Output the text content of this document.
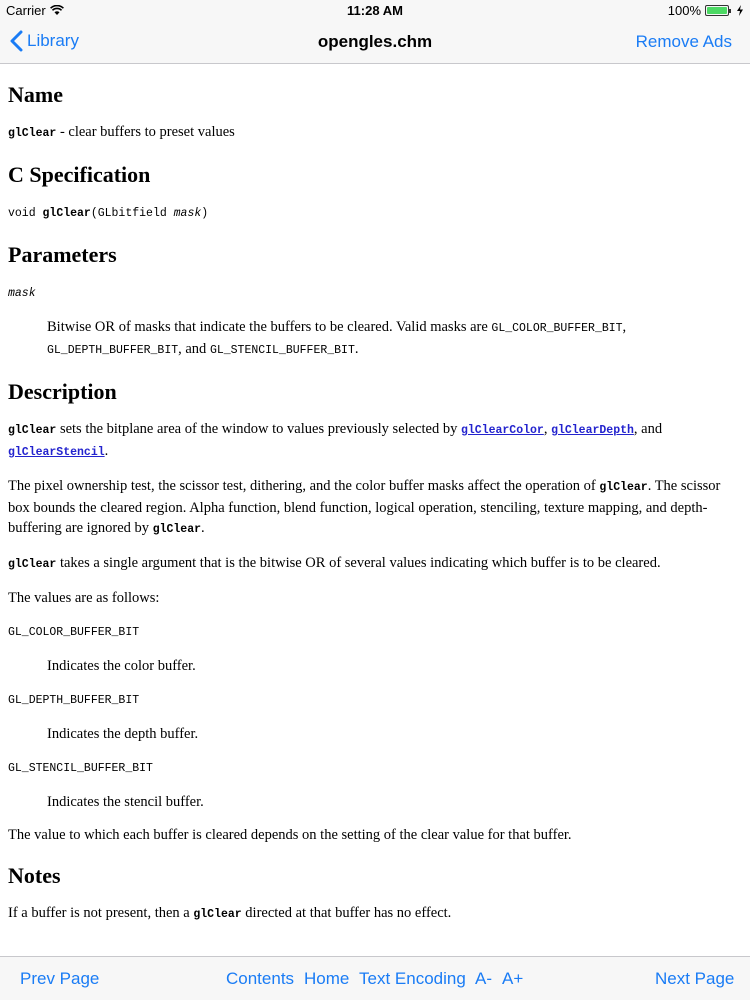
Carrier	11:28 AM	100%
Library	opengles.chm	Remove Ads
Name

glClear - clear buffers to preset values

C Specification

void glClear(GLbitfield mask)

Parameters

mask

Bitwise OR of masks that indicate the buffers to be cleared. Valid masks are GL_COLOR_BUFFER_BIT, GL_DEPTH_BUFFER_BIT, and GL_STENCIL_BUFFER_BIT.

Description

glClear sets the bitplane area of the window to values previously selected by glClearColor, glClearDepth, and glClearStencil.

The pixel ownership test, the scissor test, dithering, and the color buffer masks affect the operation of glClear. The scissor box bounds the cleared region. Alpha function, blend function, logical operation, stenciling, texture mapping, and depth-buffering are ignored by glClear.

glClear takes a single argument that is the bitwise OR of several values indicating which buffer is to be cleared.

The values are as follows:

GL_COLOR_BUFFER_BIT

Indicates the color buffer.

GL_DEPTH_BUFFER_BIT

Indicates the depth buffer.

GL_STENCIL_BUFFER_BIT

Indicates the stencil buffer.

The value to which each buffer is cleared depends on the setting of the clear value for that buffer.

Notes

If a buffer is not present, then a glClear directed at that buffer has no effect.

Prev Page	Contents Home Text Encoding A- A+	Next Page
